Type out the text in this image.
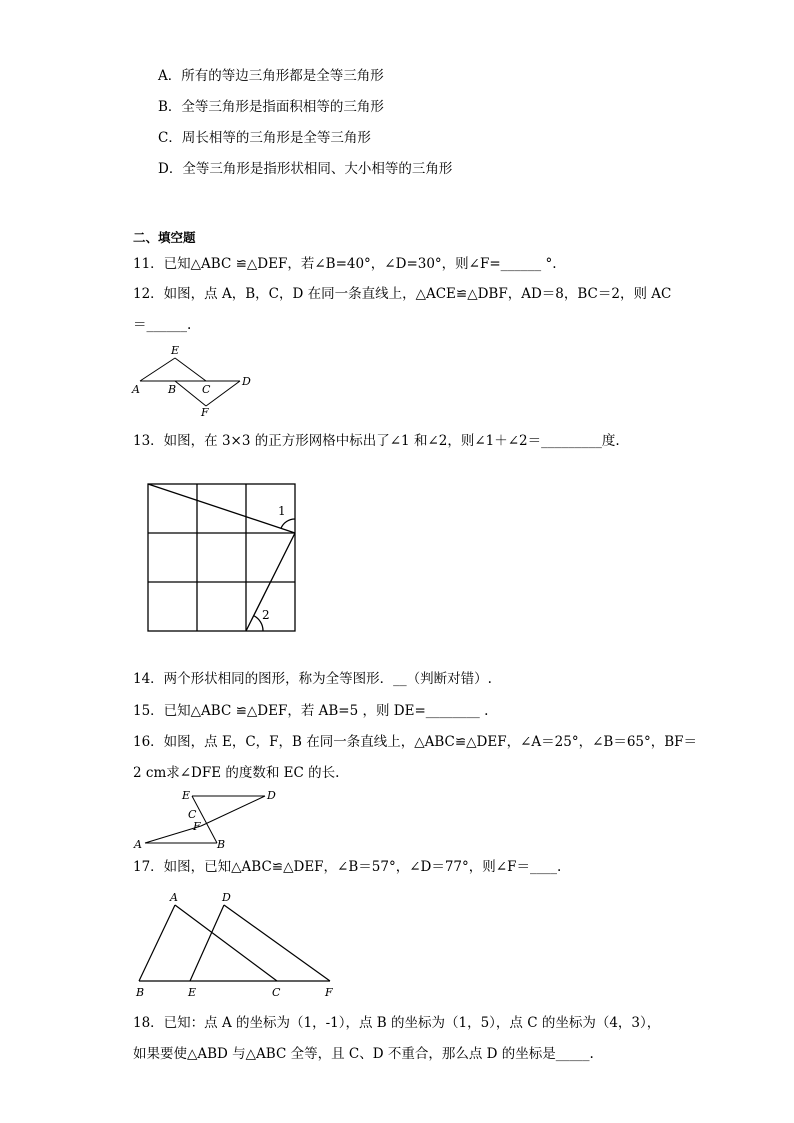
A．所有的等边三角形都是全等三角形
B．全等三角形是指面积相等的三角形
C．周长相等的三角形是全等三角形
D．全等三角形是指形状相同、大小相等的三角形
二、填空题
11．已知△ABC ≌△DEF，若∠B=40°，∠D=30°，则∠F=______ °.
12．如图，点 A，B，C，D 在同一条直线上，△ACE≌△DBF，AD＝8，BC＝2，则 AC
＝______.
E
A	B C
D
F
13．如图，在 3×3 的正方形网格中标出了∠1 和∠2，则∠1＋∠2＝_________度.
1
2
14．两个形状相同的图形，称为全等图形．__（判断对错）.
15．已知△ABC ≌△DEF，若 AB=5 ，则 DE=________ .
16．如图，点 E，C，F，B 在同一条直线上，△ABC≌△DEF，∠A＝25°，∠B＝65°，BF＝
2 cm求∠DFE 的度数和 EC 的长.
E	D
C
F
A	B
17．如图，已知△ABC≌△DEF，∠B＝57°，∠D＝77°，则∠F＝____.
A	D
B	E	C	F
18．已知：点 A 的坐标为（1，-1），点 B 的坐标为（1，5），点 C 的坐标为（4，3），
如果要使△ABD 与△ABC 全等，且 C、D 不重合，那么点 D 的坐标是_____.
